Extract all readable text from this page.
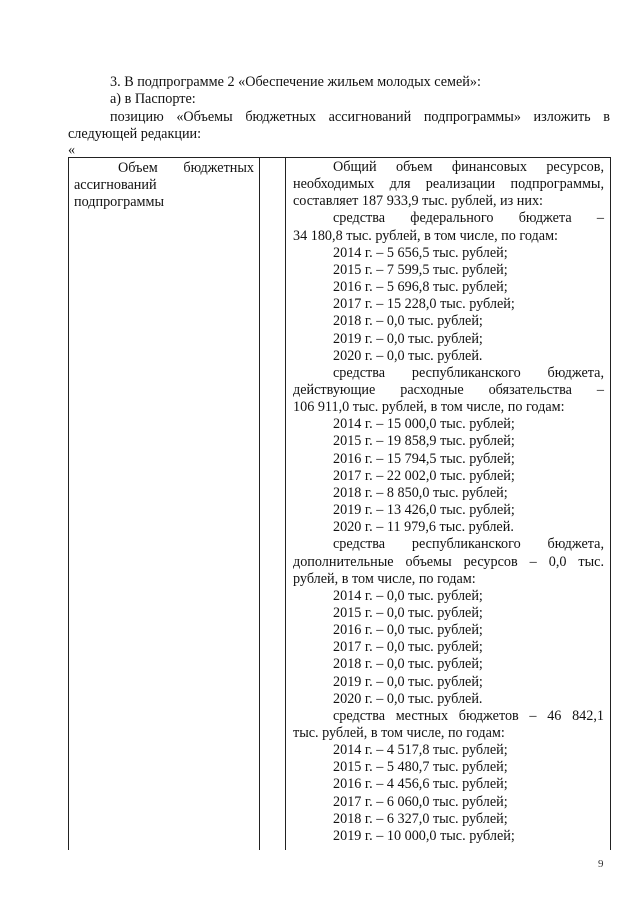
3. В подпрограмме 2 «Обеспечение жильем молодых семей»:
а) в Паспорте:
позицию «Объемы бюджетных ассигнований подпрограммы» изложить в
следующей редакции:
«
Объем бюджетных
ассигнований
подпрограммы
Общий объем финансовых ресурсов,
необходимых для реализации подпрограммы,
составляет 187 933,9 тыс. рублей, из них:
средства федерального бюджета –
34 180,8 тыс. рублей, в том числе, по годам:
2014 г. – 5 656,5 тыс. рублей;
2015 г. – 7 599,5 тыс. рублей;
2016 г. – 5 696,8 тыс. рублей;
2017 г. – 15 228,0 тыс. рублей;
2018 г. – 0,0 тыс. рублей;
2019 г. – 0,0 тыс. рублей;
2020 г. – 0,0 тыс. рублей.
средства республиканского бюджета,
действующие расходные обязательства –
106 911,0 тыс. рублей, в том числе, по годам:
2014 г. – 15 000,0 тыс. рублей;
2015 г. – 19 858,9 тыс. рублей;
2016 г. – 15 794,5 тыс. рублей;
2017 г. – 22 002,0 тыс. рублей;
2018 г. – 8 850,0 тыс. рублей;
2019 г. – 13 426,0 тыс. рублей;
2020 г. – 11 979,6 тыс. рублей.
средства республиканского бюджета,
дополнительные объемы ресурсов – 0,0 тыс.
рублей, в том числе, по годам:
2014 г. – 0,0 тыс. рублей;
2015 г. – 0,0 тыс. рублей;
2016 г. – 0,0 тыс. рублей;
2017 г. – 0,0 тыс. рублей;
2018 г. – 0,0 тыс. рублей;
2019 г. – 0,0 тыс. рублей;
2020 г. – 0,0 тыс. рублей.
средства местных бюджетов – 46 842,1
тыс. рублей, в том числе, по годам:
2014 г. – 4 517,8 тыс. рублей;
2015 г. – 5 480,7 тыс. рублей;
2016 г. – 4 456,6 тыс. рублей;
2017 г. – 6 060,0 тыс. рублей;
2018 г. – 6 327,0 тыс. рублей;
2019 г. – 10 000,0 тыс. рублей;
9
